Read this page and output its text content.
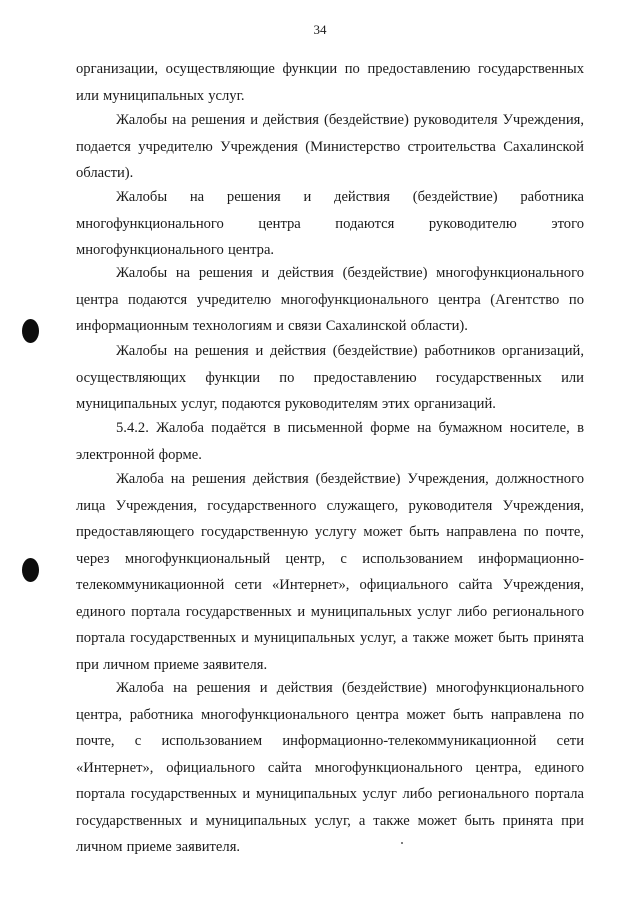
34

организации, осуществляющие функции по предоставлению государственных или муниципальных услуг.

Жалобы на решения и действия (бездействие) руководителя Учреждения, подается учредителю Учреждения (Министерство строительства Сахалинской области).

Жалобы на решения и действия (бездействие) работника многофункционального центра подаются руководителю этого многофункционального центра.

Жалобы на решения и действия (бездействие) многофункционального центра подаются учредителю многофункционального центра (Агентство по информационным технологиям и связи Сахалинской области).

Жалобы на решения и действия (бездействие) работников организаций, осуществляющих функции по предоставлению государственных или муниципальных услуг, подаются руководителям этих организаций.

5.4.2. Жалоба подаётся в письменной форме на бумажном носителе, в электронной форме.

Жалоба на решения действия (бездействие) Учреждения, должностного лица Учреждения, государственного служащего, руководителя Учреждения, предоставляющего государственную услугу может быть направлена по почте, через многофункциональный центр, с использованием информационно-телекоммуникационной сети «Интернет», официального сайта Учреждения, единого портала государственных и муниципальных услуг либо регионального портала государственных и муниципальных услуг, а также может быть принята при личном приеме заявителя.

Жалоба на решения и действия (бездействие) многофункционального центра, работника многофункционального центра может быть направлена по почте, с использованием информационно-телекоммуникационной сети «Интернет», официального сайта многофункционального центра, единого портала государственных и муниципальных услуг либо регионального портала государственных и муниципальных услуг, а также может быть принята при личном приеме заявителя.
